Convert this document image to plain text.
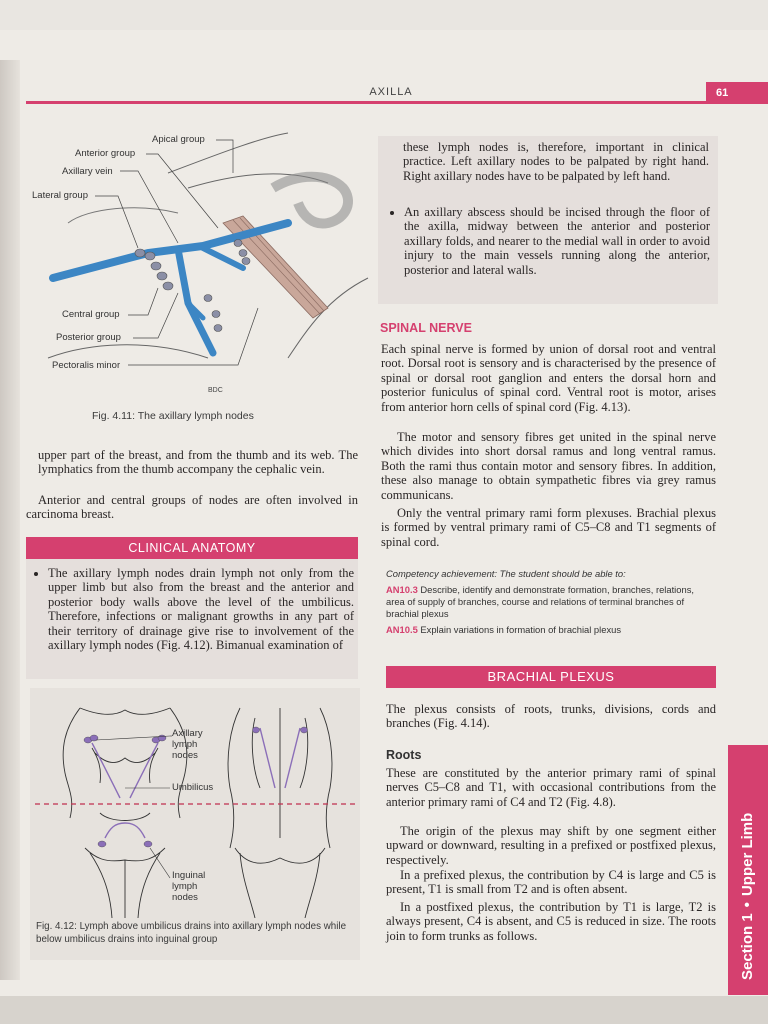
AXILLA	61
BDC
Apical group
Anterior group
Axillary vein
Lateral group
Central group
Posterior group
Pectoralis minor
Fig. 4.11: The axillary lymph nodes

upper part of the breast, and from the thumb and its web. The lymphatics from the thumb accompany the cephalic vein.

Anterior and central groups of nodes are often involved in carcinoma breast.

CLINICAL ANATOMY
• The axillary lymph nodes drain lymph not only from the upper limb but also from the breast and the anterior and posterior body walls above the level of the umbilicus. Therefore, infections or malignant growths in any part of their territory of drainage give rise to involvement of the axillary lymph nodes (Fig. 4.12). Bimanual examination of
Axillary
lymph
nodes
Umbilicus
Inguinal
lymph
nodes
Fig. 4.12: Lymph above umbilicus drains into axillary lymph nodes while below umbilicus drains into inguinal group

these lymph nodes is, therefore, important in clinical practice. Left axillary nodes to be palpated by right hand. Right axillary nodes have to be palpated by left hand.

• An axillary abscess should be incised through the floor of the axilla, midway between the anterior and posterior axillary folds, and nearer to the medial wall in order to avoid injury to the main vessels running along the anterior, posterior and lateral walls.
SPINAL NERVE

Each spinal nerve is formed by union of dorsal root and ventral root. Dorsal root is sensory and is characterised by the presence of spinal or dorsal root ganglion and enters the dorsal horn and posterior funiculus of spinal cord. Ventral root is motor, arises from anterior horn cells of spinal cord (Fig. 4.13).

The motor and sensory fibres get united in the spinal nerve which divides into short dorsal ramus and long ventral ramus. Both the rami thus contain motor and sensory fibres. In addition, these also manage to obtain sympathetic fibres via grey ramus communicans.

Only the ventral primary rami form plexuses. Brachial plexus is formed by ventral primary rami of C5–C8 and T1 segments of spinal cord.

Competency achievement: The student should be able to:

AN10.3 Describe, identify and demonstrate formation, branches, relations, area of supply of branches, course and relations of terminal branches of brachial plexus

AN10.5 Explain variations in formation of brachial plexus

BRACHIAL PLEXUS

The plexus consists of roots, trunks, divisions, cords and branches (Fig. 4.14).

Roots

These are constituted by the anterior primary rami of spinal nerves C5–C8 and T1, with occasional contributions from the anterior primary rami of C4 and T2 (Fig. 4.8).

The origin of the plexus may shift by one segment either upward or downward, resulting in a prefixed or postfixed plexus, respectively.

In a prefixed plexus, the contribution by C4 is large and C5 is present, T1 is small from T2 and is often absent.

In a postfixed plexus, the contribution by T1 is large, T2 is always present, C4 is absent, and C5 is reduced in size. The roots join to form trunks as follows.	Section 1•Upper Limb
